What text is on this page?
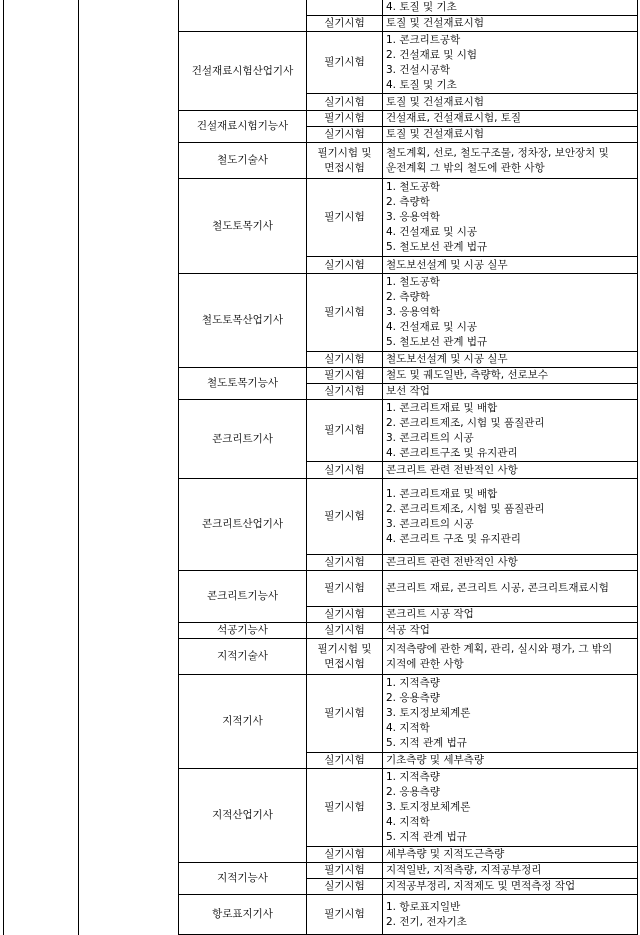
				4. 토질 및 기초
			실기시험	토질 및 건설재료시험
		건설재료시험산업기사	필기시험	1. 콘크리트공학
2. 건설재료 및 시험
3. 건설시공학
4. 토질 및 기초

			실기시험	토질 및 건설재료시험
		건설재료시험기능사	필기시험	건설재료, 건설재료시험, 토질
			실기시험	토질 및 건설재료시험
		철도기술사	필기시험 및 면접시험	철도계획, 선로, 철도구조물, 정차장, 보안장치 및 운전계획 그 밖의 철도에 관한 사항
		철도토목기사	필기시험	1. 철도공학
2. 측량학
3. 응용역학
4. 건설재료 및 시공
5. 철도보선 관계 법규

			실기시험	철도보선설계 및 시공 실무
		철도토목산업기사	필기시험	1. 철도공학
2. 측량학
3. 응용역학
4. 건설재료 및 시공
5. 철도보선 관계 법규

			실기시험	철도보선설계 및 시공 실무
		철도토목기능사	필기시험	철도 및 궤도일반, 측량학, 선로보수
			실기시험	보선 작업
		콘크리트기사	필기시험	1. 콘크리트재료 및 배합
2. 콘크리트제조, 시험 및 품질관리
3. 콘크리트의 시공
4. 콘크리트구조 및 유지관리

			실기시험	콘크리트 관련 전반적인 사항
		콘크리트산업기사	필기시험	1. 콘크리트재료 및 배합
2. 콘크리트제조, 시험 및 품질관리
3. 콘크리트의 시공
4. 콘크리트 구조 및 유지관리

			실기시험	콘크리트 관련 전반적인 사항
		콘크리트기능사	필기시험	콘크리트 재료, 콘크리트 시공, 콘크리트재료시험
			실기시험	콘크리트 시공 작업
		석공기능사	실기시험	석공 작업
		지적기술사	필기시험 및 면접시험	지적측량에 관한 계획, 관리, 실시와 평가, 그 밖의 지적에 관한 사항
		지적기사	필기시험	1. 지적측량
2. 응용측량
3. 토지정보체계론
4. 지적학
5. 지적 관계 법규

			실기시험	기초측량 및 세부측량
		지적산업기사	필기시험	1. 지적측량
2. 응용측량
3. 토지정보체계론
4. 지적학
5. 지적 관계 법규

			실기시험	세부측량 및 지적도근측량
		지적기능사	필기시험	지적일반, 지적측량, 지적공부정리
			실기시험	지적공부정리, 지적제도 및 면적측정 작업
		항로표지기사	필기시험	1. 항로표지일반
2. 전기, 전자기초
